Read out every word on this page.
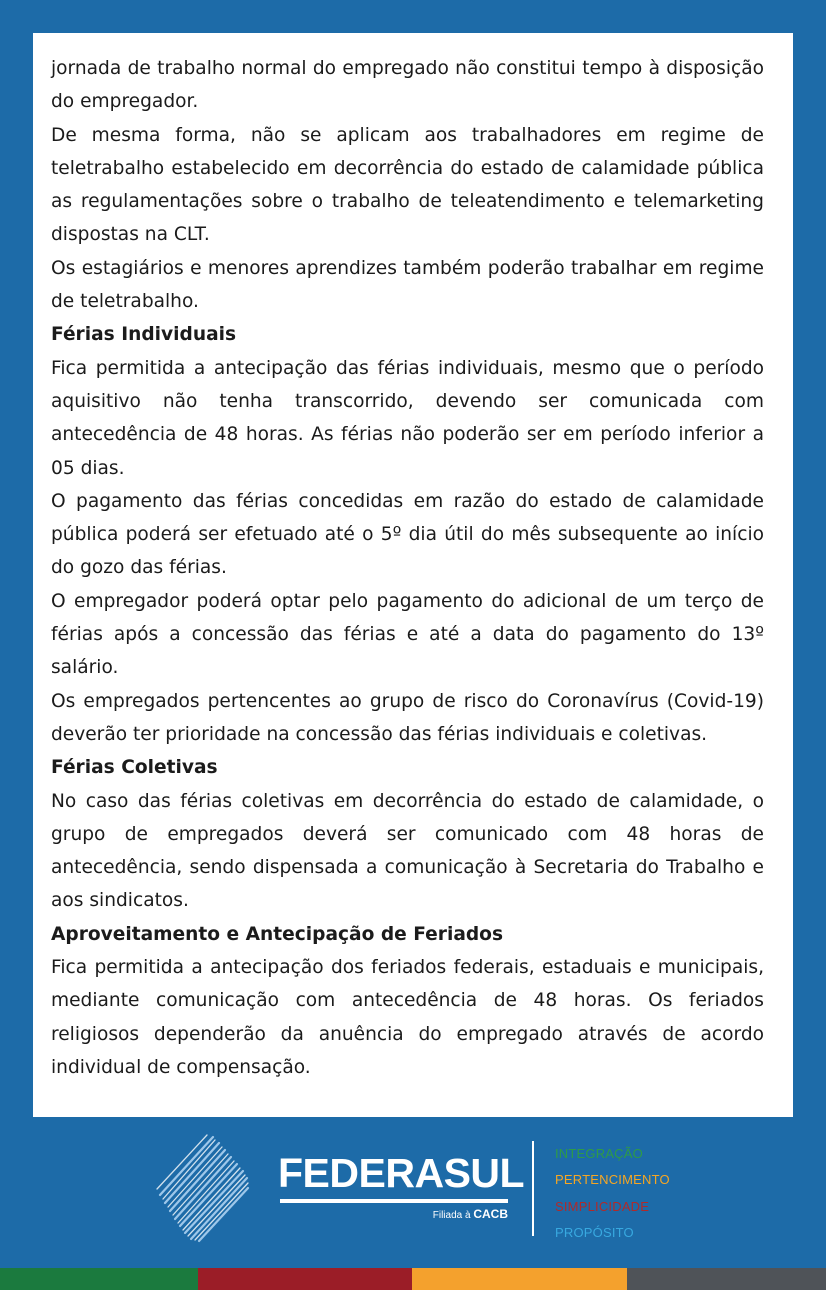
jornada de trabalho normal do empregado não constitui tempo à disposição do empregador.

De mesma forma, não se aplicam aos trabalhadores em regime de teletrabalho estabelecido em decorrência do estado de calamidade pública as regulamentações sobre o trabalho de teleatendimento e telemarketing dispostas na CLT.

Os estagiários e menores aprendizes também poderão trabalhar em regime de teletrabalho.

Férias Individuais

Fica permitida a antecipação das férias individuais, mesmo que o período aquisitivo não tenha transcorrido, devendo ser comunicada com antecedência de 48 horas. As férias não poderão ser em período inferior a 05 dias.

O pagamento das férias concedidas em razão do estado de calamidade pública poderá ser efetuado até o 5º dia útil do mês subsequente ao início do gozo das férias.

O empregador poderá optar pelo pagamento do adicional de um terço de férias após a concessão das férias e até a data do pagamento do 13º salário.

Os empregados pertencentes ao grupo de risco do Coronavírus (Covid-19) deverão ter prioridade na concessão das férias individuais e coletivas.

Férias Coletivas

No caso das férias coletivas em decorrência do estado de calamidade, o grupo de empregados deverá ser comunicado com 48 horas de antecedência, sendo dispensada a comunicação à Secretaria do Trabalho e aos sindicatos.

Aproveitamento e Antecipação de Feriados

Fica permitida a antecipação dos feriados federais, estaduais e municipais, mediante comunicação com antecedência de 48 horas. Os feriados religiosos dependerão da anuência do empregado através de acordo individual de compensação.

FEDERASUL
Filiada à CACB
INTEGRAÇÃO
PERTENCIMENTO
SIMPLICIDADE
PROPÓSITO
